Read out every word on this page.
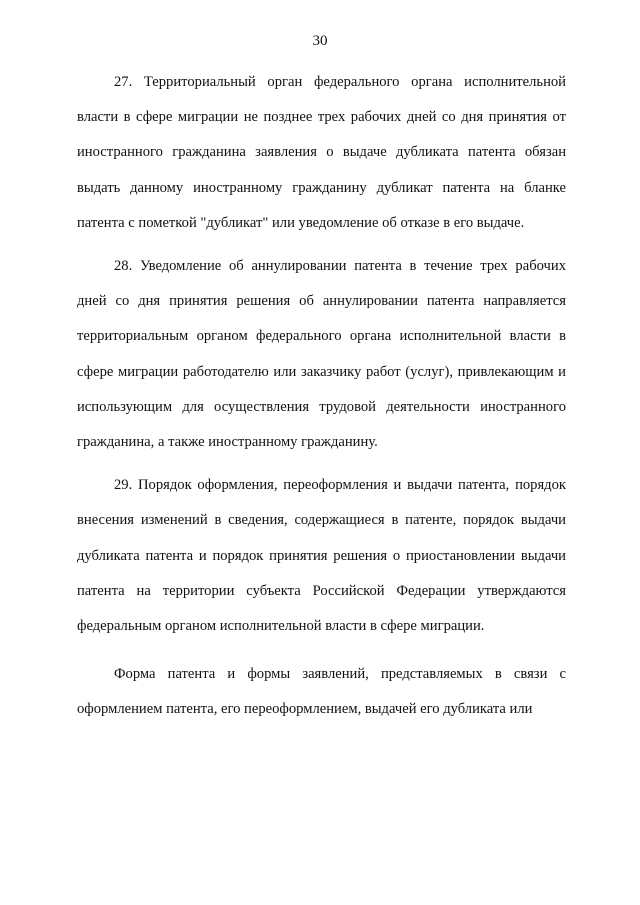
30

27. Территориальный орган федерального органа исполнительной власти в сфере миграции не позднее трех рабочих дней со дня принятия от иностранного гражданина заявления о выдаче дубликата патента обязан выдать данному иностранному гражданину дубликат патента на бланке патента с пометкой "дубликат" или уведомление об отказе в его выдаче.

28. Уведомление об аннулировании патента в течение трех рабочих дней со дня принятия решения об аннулировании патента направляется территориальным органом федерального органа исполнительной власти в сфере миграции работодателю или заказчику работ (услуг), привлекающим и использующим для осуществления трудовой деятельности иностранного гражданина, а также иностранному гражданину.

29. Порядок оформления, переоформления и выдачи патента, порядок внесения изменений в сведения, содержащиеся в патенте, порядок выдачи дубликата патента и порядок принятия решения о приостановлении выдачи патента на территории субъекта Российской Федерации утверждаются федеральным органом исполнительной власти в сфере миграции.

Форма патента и формы заявлений, представляемых в связи с оформлением патента, его переоформлением, выдачей его дубликата или
